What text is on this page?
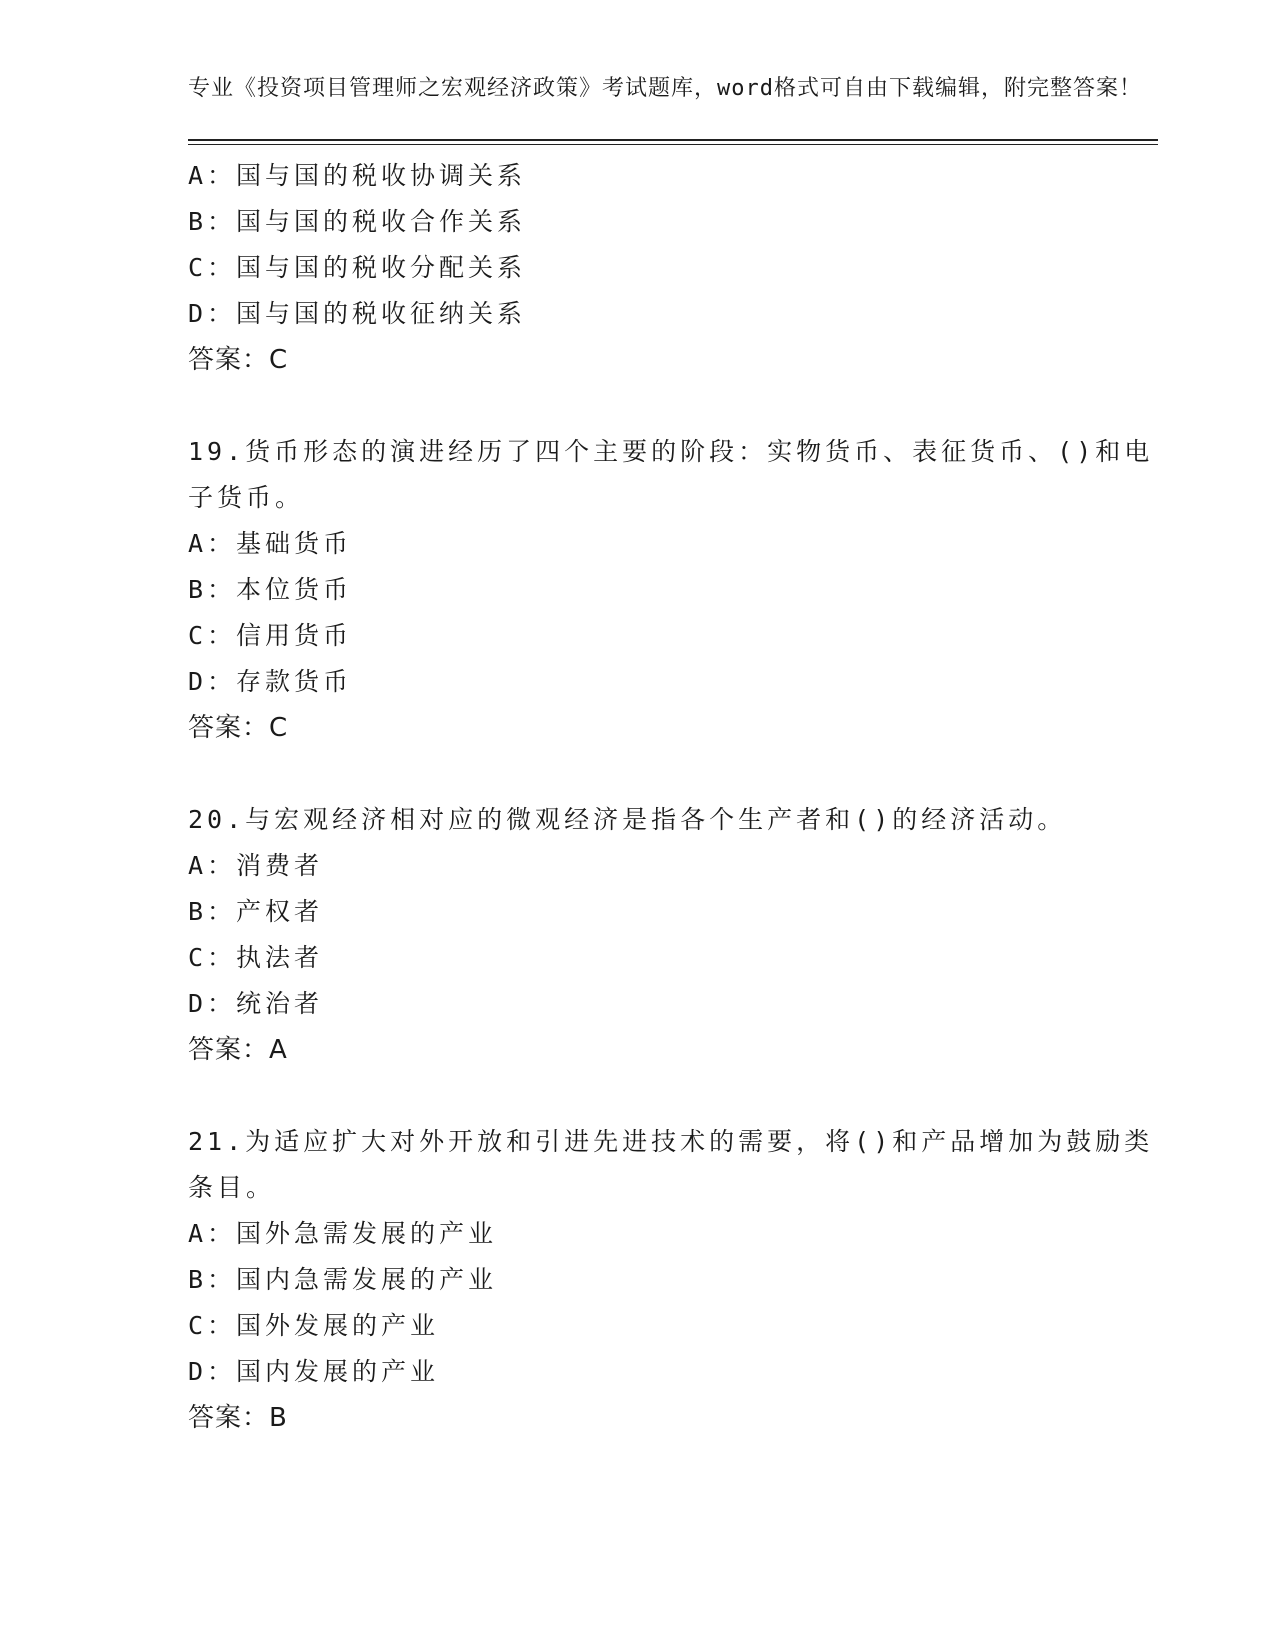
专业《投资项目管理师之宏观经济政策》考试题库，word格式可自由下载编辑，附完整答案！

A：国与国的税收协调关系
B：国与国的税收合作关系
C：国与国的税收分配关系
D：国与国的税收征纳关系
答案：C

19.货币形态的演进经历了四个主要的阶段：实物货币、表征货币、()和电子货币。

A：基础货币
B：本位货币
C：信用货币
D：存款货币
答案：C

20.与宏观经济相对应的微观经济是指各个生产者和()的经济活动。

A：消费者
B：产权者
C：执法者
D：统治者
答案：A

21.为适应扩大对外开放和引进先进技术的需要，将()和产品增加为鼓励类条目。

A：国外急需发展的产业
B：国内急需发展的产业
C：国外发展的产业
D：国内发展的产业
答案：B
